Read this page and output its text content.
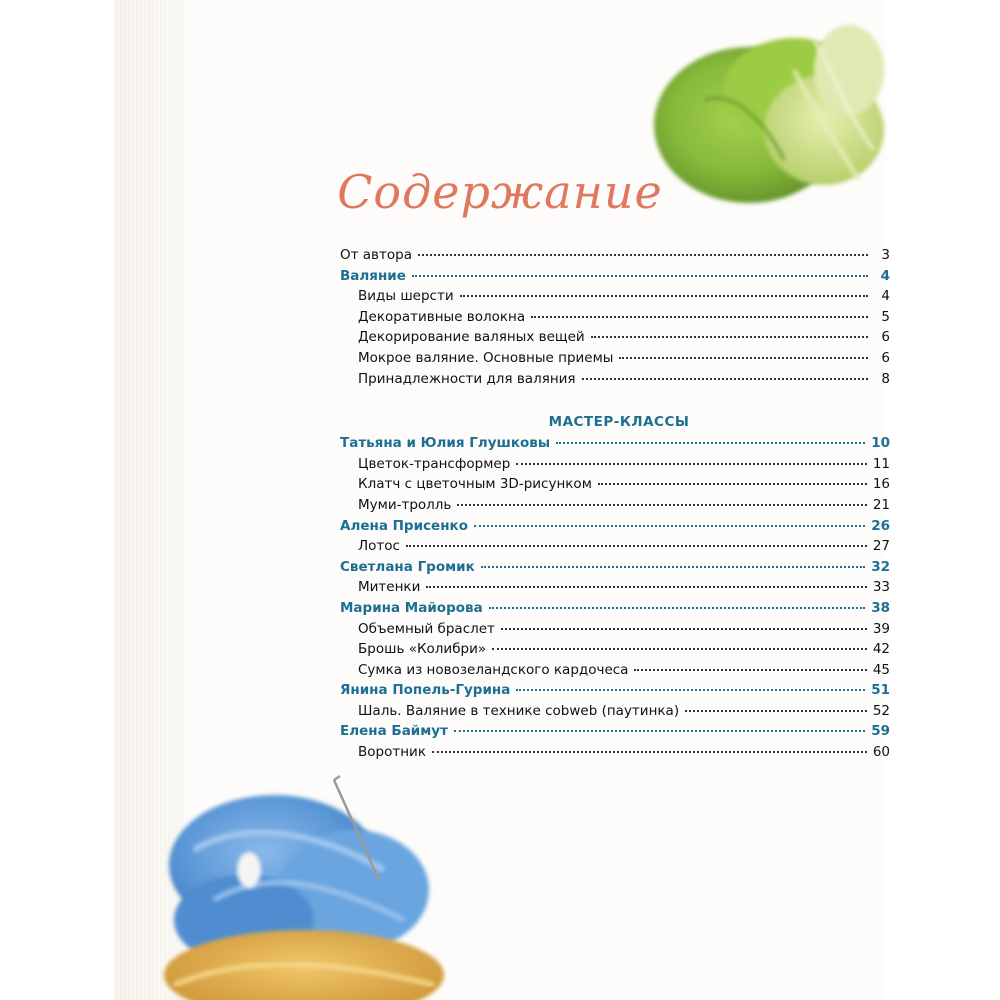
Содержание
От автора	3
Валяние	4
Виды шерсти	4
Декоративные волокна	5
Декорирование валяных вещей	6
Мокрое валяние. Основные приемы	6
Принадлежности для валяния	8
МАСТЕР-КЛАССЫ
Татьяна и Юлия Глушковы	10
Цветок-трансформер	11
Клатч с цветочным 3D-рисунком	16
Муми-тролль	21
Алена Присенко	26
Лотос	27
Светлана Громик	32
Митенки	33
Марина Майорова	38
Объемный браслет	39
Брошь «Колибри»	42
Сумка из новозеландского кардочеса	45
Янина Попель-Гурина	51
Шаль. Валяние в технике cobweb (паутинка)	52
Елена Баймут	59
Воротник	60
